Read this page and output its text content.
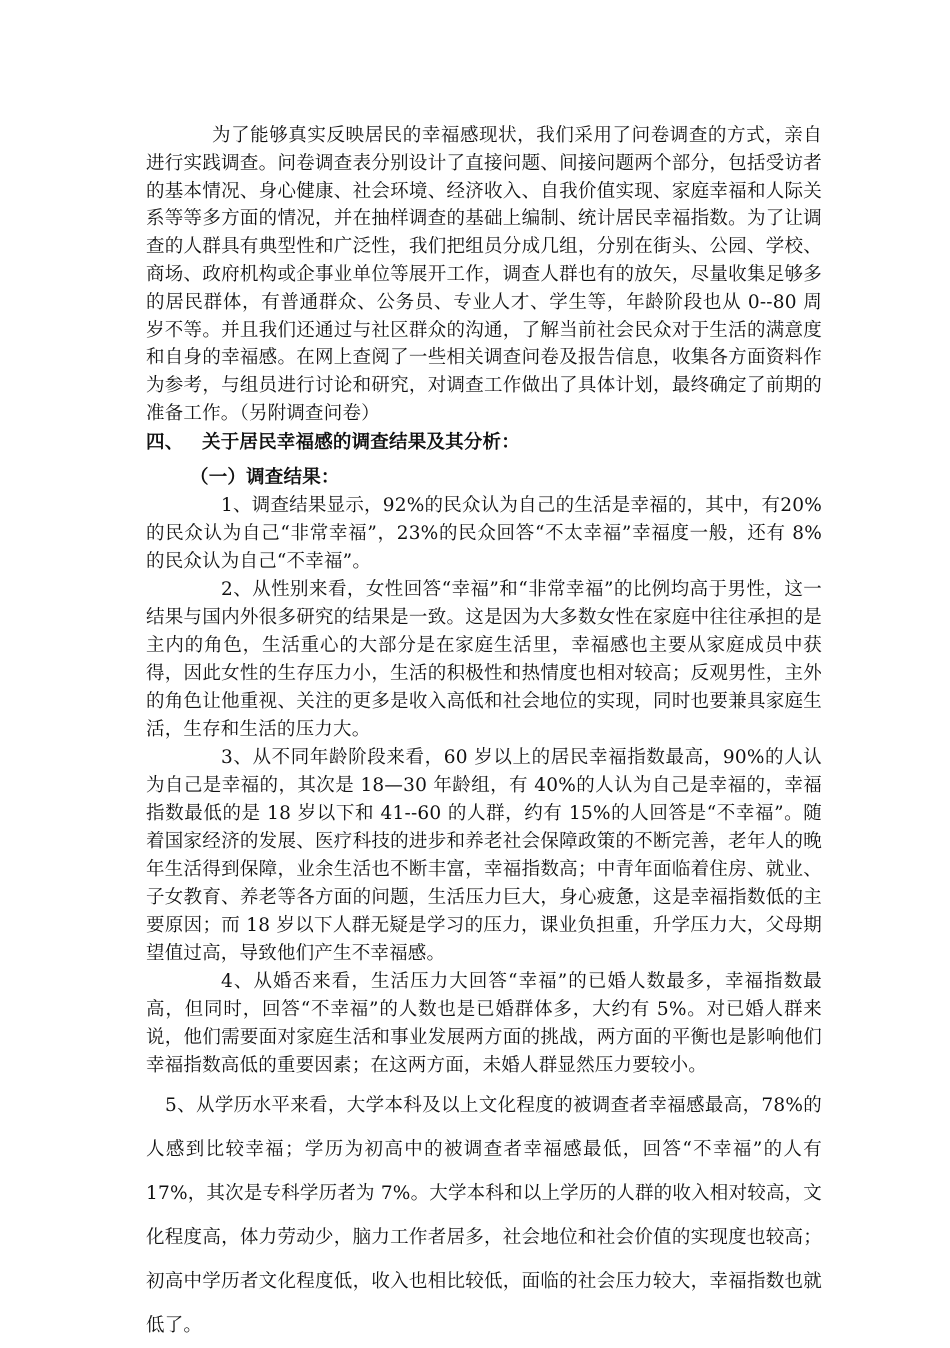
为了能够真实反映居民的幸福感现状，我们采用了问卷调查的方式，亲自进行实践调查。问卷调查表分别设计了直接问题、间接问题两个部分，包括受访者的基本情况、身心健康、社会环境、经济收入、自我价值实现、家庭幸福和人际关系等等多方面的情况，并在抽样调查的基础上编制、统计居民幸福指数。为了让调查的人群具有典型性和广泛性，我们把组员分成几组，分别在街头、公园、学校、商场、政府机构或企事业单位等展开工作，调查人群也有的放矢，尽量收集足够多的居民群体，有普通群众、公务员、专业人才、学生等，年龄阶段也从 0--80 周岁不等。并且我们还通过与社区群众的沟通，了解当前社会民众对于生活的满意度和自身的幸福感。在网上查阅了一些相关调查问卷及报告信息，收集各方面资料作为参考，与组员进行讨论和研究，对调查工作做出了具体计划，最终确定了前期的准备工作。（另附调查问卷）

四、 关于居民幸福感的调查结果及其分析：

（一）调查结果：

1、调查结果显示，92%的民众认为自己的生活是幸福的，其中，有20%的民众认为自己“非常幸福”，23%的民众回答“不太幸福”幸福度一般，还有 8%的民众认为自己“不幸福”。

2、从性别来看，女性回答“幸福”和“非常幸福”的比例均高于男性，这一结果与国内外很多研究的结果是一致。这是因为大多数女性在家庭中往往承担的是主内的角色，生活重心的大部分是在家庭生活里，幸福感也主要从家庭成员中获得，因此女性的生存压力小，生活的积极性和热情度也相对较高；反观男性，主外的角色让他重视、关注的更多是收入高低和社会地位的实现，同时也要兼具家庭生活，生存和生活的压力大。

3、从不同年龄阶段来看，60 岁以上的居民幸福指数最高，90%的人认为自己是幸福的，其次是 18—30 年龄组，有 40%的人认为自己是幸福的，幸福指数最低的是 18 岁以下和 41--60 的人群，约有 15%的人回答是“不幸福”。随着国家经济的发展、医疗科技的进步和养老社会保障政策的不断完善，老年人的晚年生活得到保障，业余生活也不断丰富，幸福指数高；中青年面临着住房、就业、子女教育、养老等各方面的问题，生活压力巨大，身心疲惫，这是幸福指数低的主要原因；而 18 岁以下人群无疑是学习的压力，课业负担重，升学压力大，父母期望值过高，导致他们产生不幸福感。

4、从婚否来看，生活压力大回答“幸福”的已婚人数最多，幸福指数最高，但同时，回答“不幸福”的人数也是已婚群体多，大约有 5%。对已婚人群来说，他们需要面对家庭生活和事业发展两方面的挑战，两方面的平衡也是影响他们幸福指数高低的重要因素；在这两方面，未婚人群显然压力要较小。

5、从学历水平来看，大学本科及以上文化程度的被调查者幸福感最高，78%的人感到比较幸福；学历为初高中的被调查者幸福感最低，回答“不幸福”的人有 17%，其次是专科学历者为 7%。大学本科和以上学历的人群的收入相对较高，文化程度高，体力劳动少，脑力工作者居多，社会地位和社会价值的实现度也较高；初高中学历者文化程度低，收入也相比较低，面临的社会压力较大，幸福指数也就低了。
